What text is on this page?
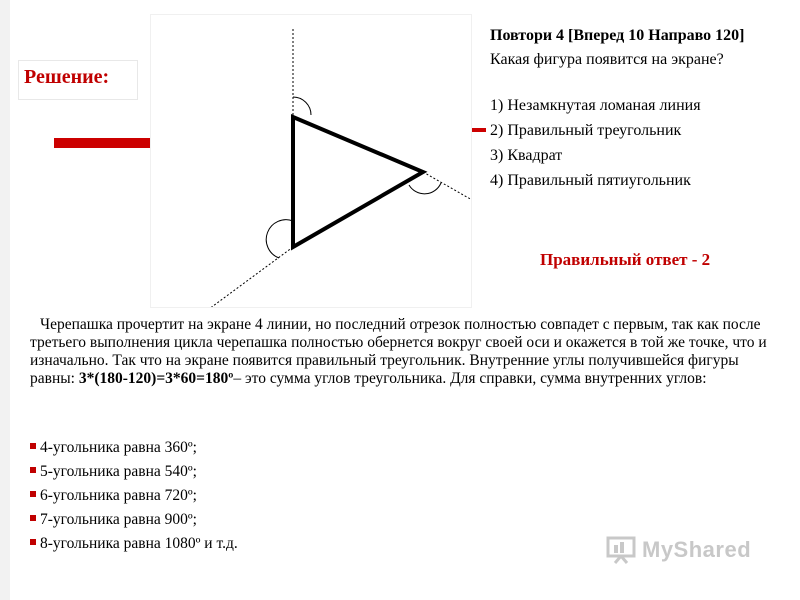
Решение:
Повтори 4 [Вперед 10 Направо 120]
Какая фигура появится на экране?
1) Незамкнутая ломаная линия
2) Правильный треугольник
3) Квадрат
4) Правильный пятиугольник
Правильный ответ - 2

Черепашка прочертит на экране 4 линии, но последний отрезок полностью совпадет с первым, так как после третьего выполнения цикла черепашка полностью обернется вокруг своей оси и окажется в той же точке, что и изначально. Так что на экране появится правильный треугольник. Внутренние углы получившейся фигуры равны: 3*(180-120)=3*60=180º– это сумма углов треугольника. Для справки, сумма внутренних углов:

4-угольника равна 360º;
5-угольника равна 540º;
6-угольника равна 720º;
7-угольника равна 900º;
8-угольника равна 1080º и т.д.	MyShared
